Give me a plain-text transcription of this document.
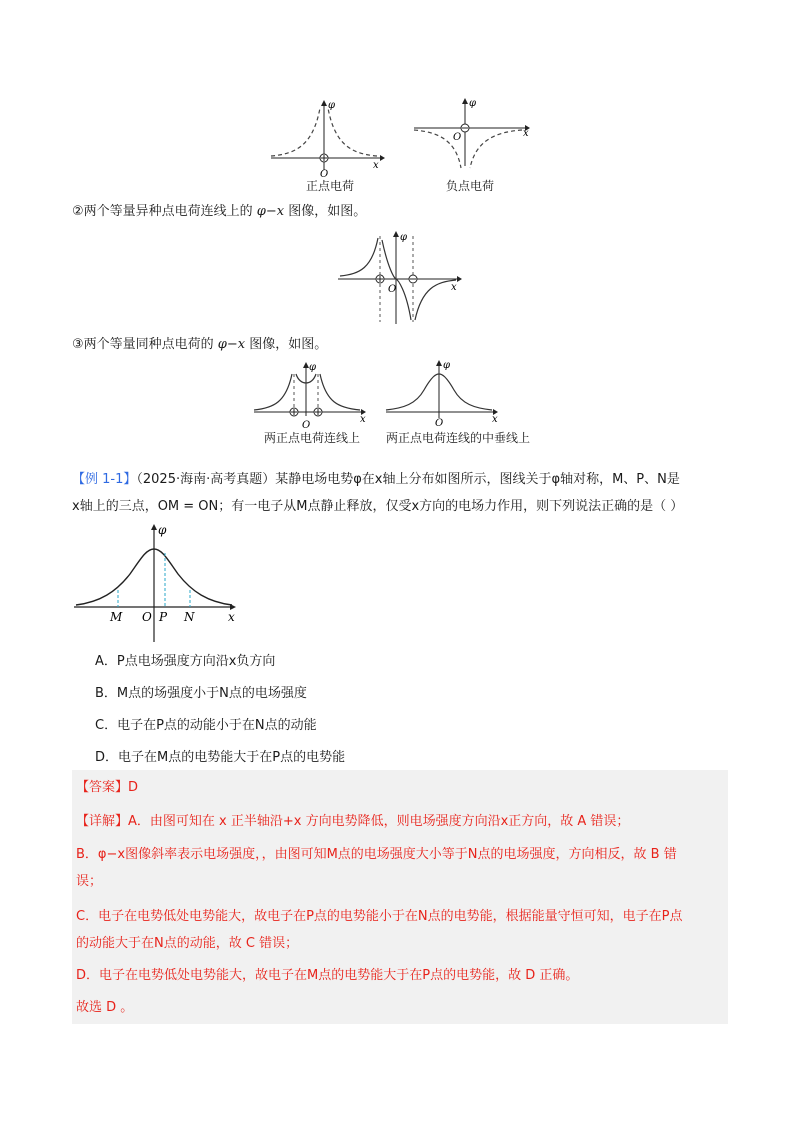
φ
x
O
正点电荷
φ
x
O
负点电荷
②两个等量异种点电荷连线上的 φ−x 图像，如图。
φ
x
O
③两个等量同种点电荷的 φ−x 图像，如图。
φ
x
O
两正点电荷连线上
φ
x
O
两正点电荷连线的中垂线上
【例 1-1】（2025·海南·高考真题）某静电场电势φ在x轴上分布如图所示，图线关于φ轴对称，M、P、N是
x轴上的三点，OM = ON；有一电子从M点静止释放，仅受x方向的电场力作用，则下列说法正确的是（ ）
φ
x
M O P N
A．P点电场强度方向沿x负方向
B．M点的场强度小于N点的电场强度
C．电子在P点的动能小于在N点的动能
D．电子在M点的电势能大于在P点的电势能
【答案】D
【详解】A．由图可知在 x 正半轴沿+x 方向电势降低，则电场强度方向沿x正方向，故 A 错误；
B．φ−x图像斜率表示电场强度，，由图可知M点的电场强度大小等于N点的电场强度，方向相反，故 B 错
误；
C．电子在电势低处电势能大，故电子在P点的电势能小于在N点的电势能，根据能量守恒可知，电子在P点
的动能大于在N点的动能，故 C 错误；
D．电子在电势低处电势能大，故电子在M点的电势能大于在P点的电势能，故 D 正确。
故选 D 。
